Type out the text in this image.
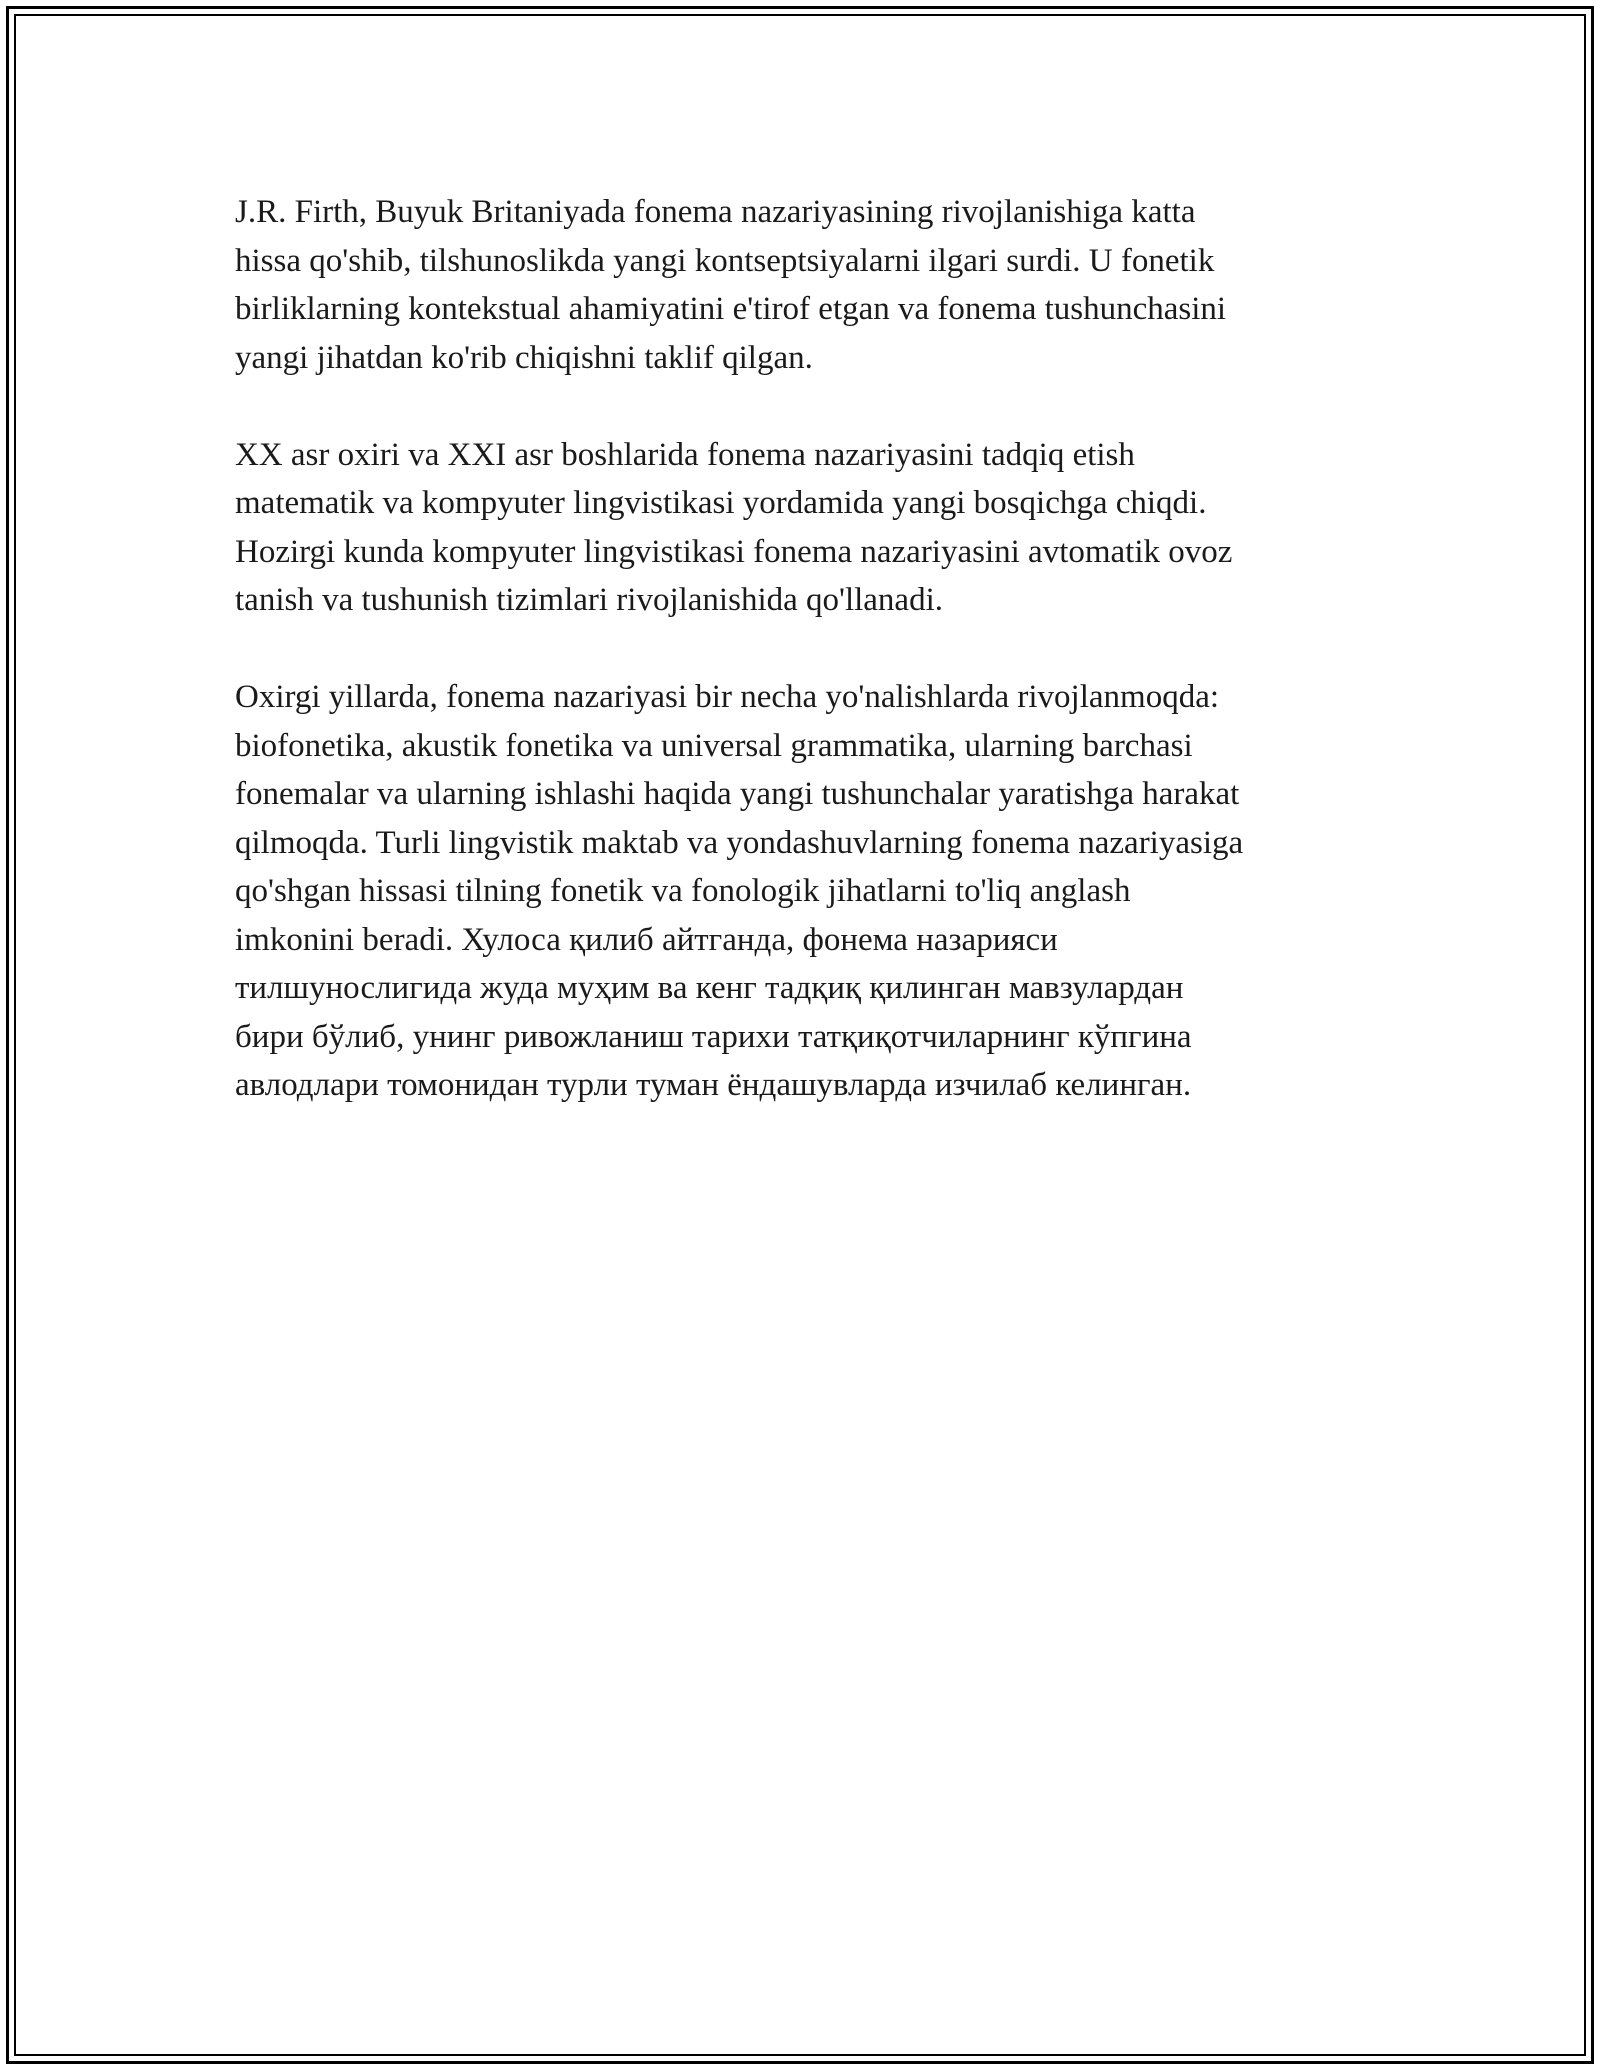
J.R. Firth, Buyuk Britaniyada fonema nazariyasining rivojlanishiga katta
hissa qo'shib, tilshunoslikda yangi kontseptsiyalarni ilgari surdi. U fonetik
birliklarning kontekstual ahamiyatini e'tirof etgan va fonema tushunchasini
yangi jihatdan ko'rib chiqishni taklif qilgan.

XX asr oxiri va XXI asr boshlarida fonema nazariyasini tadqiq etish
matematik va kompyuter lingvistikasi yordamida yangi bosqichga chiqdi.
Hozirgi kunda kompyuter lingvistikasi fonema nazariyasini avtomatik ovoz
tanish va tushunish tizimlari rivojlanishida qo'llanadi.

Oxirgi yillarda, fonema nazariyasi bir necha yo'nalishlarda rivojlanmoqda:
biofonetika, akustik fonetika va universal grammatika, ularning barchasi
fonemalar va ularning ishlashi haqida yangi tushunchalar yaratishga harakat
qilmoqda. Turli lingvistik maktab va yondashuvlarning fonema nazariyasiga
qo'shgan hissasi tilning fonetik va fonologik jihatlarni to'liq anglash
imkonini beradi. Хулоса қилиб айтганда, фонема назарияси
тилшунослигида жуда муҳим ва кенг тадқиқ қилинган мавзулардан
бири бўлиб, унинг ривожланиш тарихи татқиқотчиларнинг кўпгина
авлодлари томонидан турли туман ёндашувларда изчилаб келинган.
